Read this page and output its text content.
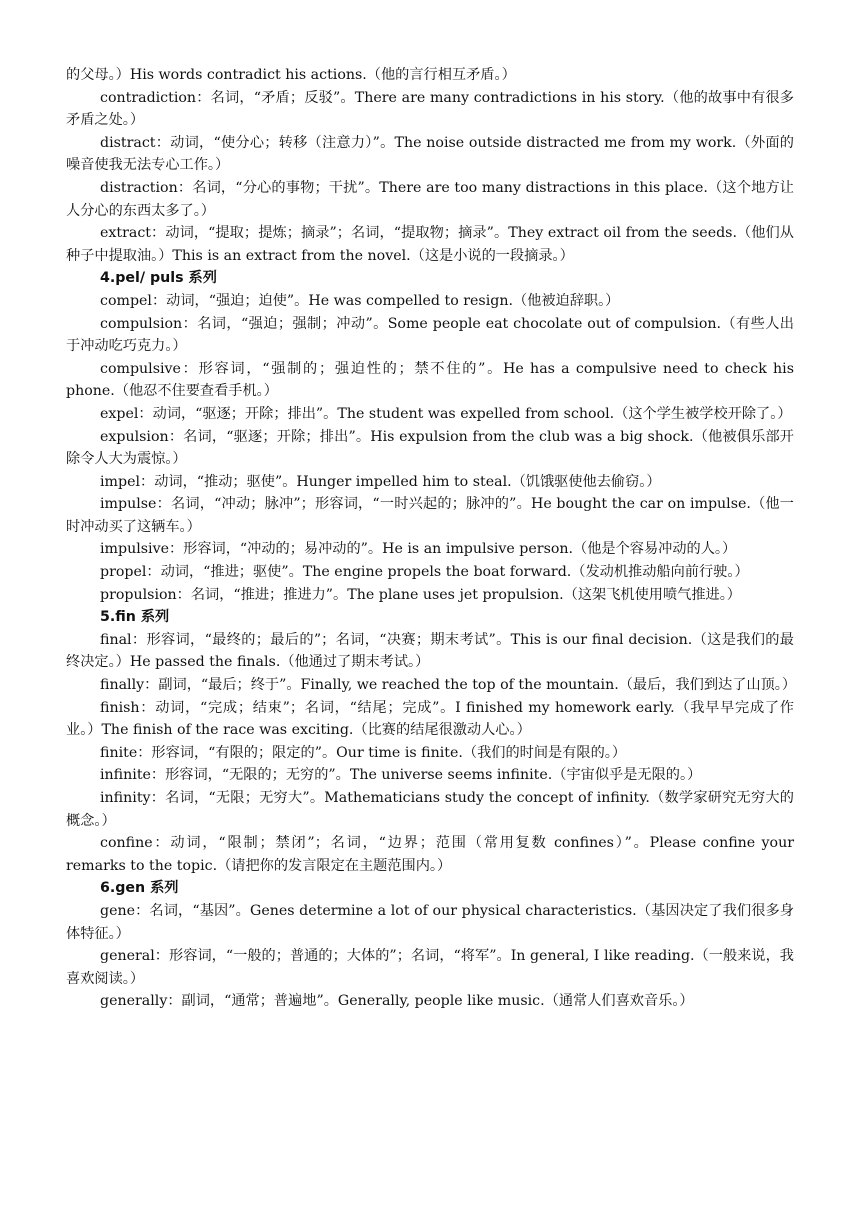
的父母。）His words contradict his actions.（他的言行相互矛盾。）

contradiction：名词，“矛盾；反驳”。There are many contradictions in his story.（他的故事中有很多矛盾之处。）

distract：动词，“使分心；转移（注意力）”。The noise outside distracted me from my work.（外面的噪音使我无法专心工作。）

distraction：名词，“分心的事物；干扰”。There are too many distractions in this place.（这个地方让人分心的东西太多了。）

extract：动词，“提取；提炼；摘录”；名词，“提取物；摘录”。They extract oil from the seeds.（他们从种子中提取油。）This is an extract from the novel.（这是小说的一段摘录。）

4.pel/ puls 系列

compel：动词，“强迫；迫使”。He was compelled to resign.（他被迫辞职。）

compulsion：名词，“强迫；强制；冲动”。Some people eat chocolate out of compulsion.（有些人出于冲动吃巧克力。）

compulsive：形容词，“强制的；强迫性的；禁不住的”。He has a compulsive need to check his phone.（他忍不住要查看手机。）

expel：动词，“驱逐；开除；排出”。The student was expelled from school.（这个学生被学校开除了。）

expulsion：名词，“驱逐；开除；排出”。His expulsion from the club was a big shock.（他被俱乐部开除令人大为震惊。）

impel：动词，“推动；驱使”。Hunger impelled him to steal.（饥饿驱使他去偷窃。）

impulse：名词，“冲动；脉冲”；形容词，“一时兴起的；脉冲的”。He bought the car on impulse.（他一时冲动买了这辆车。）

impulsive：形容词，“冲动的；易冲动的”。He is an impulsive person.（他是个容易冲动的人。）

propel：动词，“推进；驱使”。The engine propels the boat forward.（发动机推动船向前行驶。）

propulsion：名词，“推进；推进力”。The plane uses jet propulsion.（这架飞机使用喷气推进。）

5.fin 系列

final：形容词，“最终的；最后的”；名词，“决赛；期末考试”。This is our final decision.（这是我们的最终决定。）He passed the finals.（他通过了期末考试。）

finally：副词，“最后；终于”。Finally, we reached the top of the mountain.（最后，我们到达了山顶。）

finish：动词，“完成；结束”；名词，“结尾；完成”。I finished my homework early.（我早早完成了作业。）The finish of the race was exciting.（比赛的结尾很激动人心。）

finite：形容词，“有限的；限定的”。Our time is finite.（我们的时间是有限的。）

infinite：形容词，“无限的；无穷的”。The universe seems infinite.（宇宙似乎是无限的。）

infinity：名词，“无限；无穷大”。Mathematicians study the concept of infinity.（数学家研究无穷大的概念。）

confine：动词，“限制；禁闭”；名词，“边界；范围（常用复数 confines）”。Please confine your remarks to the topic.（请把你的发言限定在主题范围内。）

6.gen 系列

gene：名词，“基因”。Genes determine a lot of our physical characteristics.（基因决定了我们很多身体特征。）

general：形容词，“一般的；普通的；大体的”；名词，“将军”。In general, I like reading.（一般来说，我喜欢阅读。）

generally：副词，“通常；普遍地”。Generally, people like music.（通常人们喜欢音乐。）
